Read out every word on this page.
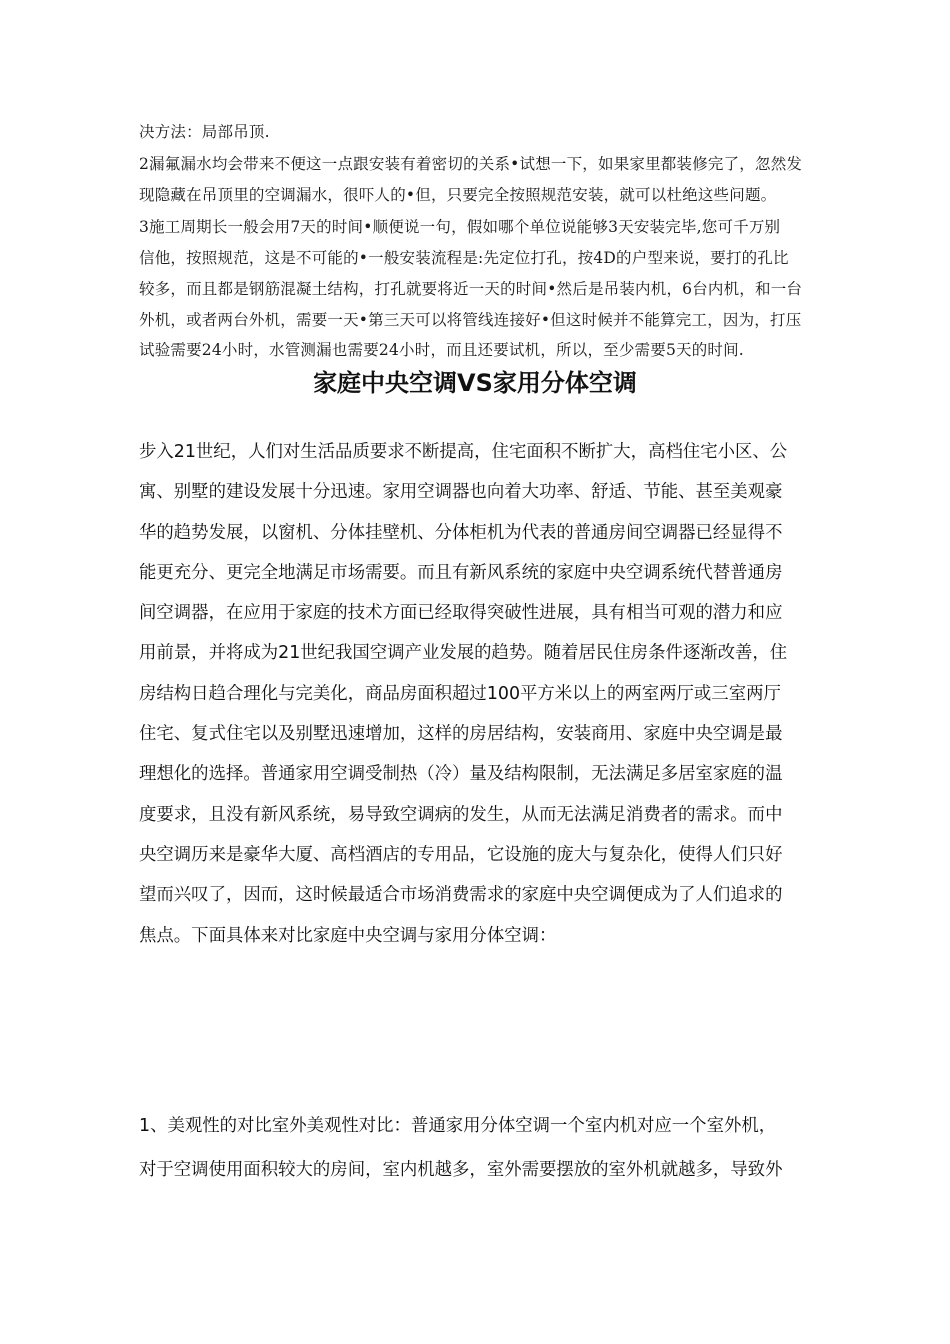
决方法：局部吊顶.
2漏氟漏水均会带来不便这一点跟安装有着密切的关系•试想一下，如果家里都装修完了，忽然发
现隐藏在吊顶里的空调漏水，很吓人的•但，只要完全按照规范安装，就可以杜绝这些问题。
3施工周期长一般会用7天的时间•顺便说一句，假如哪个单位说能够3天安装完毕,您可千万别
信他，按照规范，这是不可能的•一般安装流程是:先定位打孔，按4D的户型来说，要打的孔比
较多，而且都是钢筋混凝土结构，打孔就要将近一天的时间•然后是吊装内机，6台内机，和一台
外机，或者两台外机，需要一天•第三天可以将管线连接好•但这时候并不能算完工，因为，打压
试验需要24小时，水管测漏也需要24小时，而且还要试机，所以，至少需要5天的时间.
家庭中央空调VS家用分体空调
步入21世纪，人们对生活品质要求不断提高，住宅面积不断扩大，高档住宅小区、公
寓、别墅的建设发展十分迅速。家用空调器也向着大功率、舒适、节能、甚至美观豪
华的趋势发展，以窗机、分体挂壁机、分体柜机为代表的普通房间空调器已经显得不
能更充分、更完全地满足市场需要。而且有新风系统的家庭中央空调系统代替普通房
间空调器，在应用于家庭的技术方面已经取得突破性进展，具有相当可观的潜力和应
用前景，并将成为21世纪我国空调产业发展的趋势。随着居民住房条件逐渐改善，住
房结构日趋合理化与完美化，商品房面积超过100平方米以上的两室两厅或三室两厅
住宅、复式住宅以及别墅迅速增加，这样的房居结构，安装商用、家庭中央空调是最
理想化的选择。普通家用空调受制热（冷）量及结构限制，无法满足多居室家庭的温
度要求，且没有新风系统，易导致空调病的发生，从而无法满足消费者的需求。而中
央空调历来是豪华大厦、高档酒店的专用品，它设施的庞大与复杂化，使得人们只好
望而兴叹了，因而，这时候最适合市场消费需求的家庭中央空调便成为了人们追求的
焦点。下面具体来对比家庭中央空调与家用分体空调：
1、美观性的对比室外美观性对比：普通家用分体空调一个室内机对应一个室外机，
对于空调使用面积较大的房间，室内机越多，室外需要摆放的室外机就越多，导致外
